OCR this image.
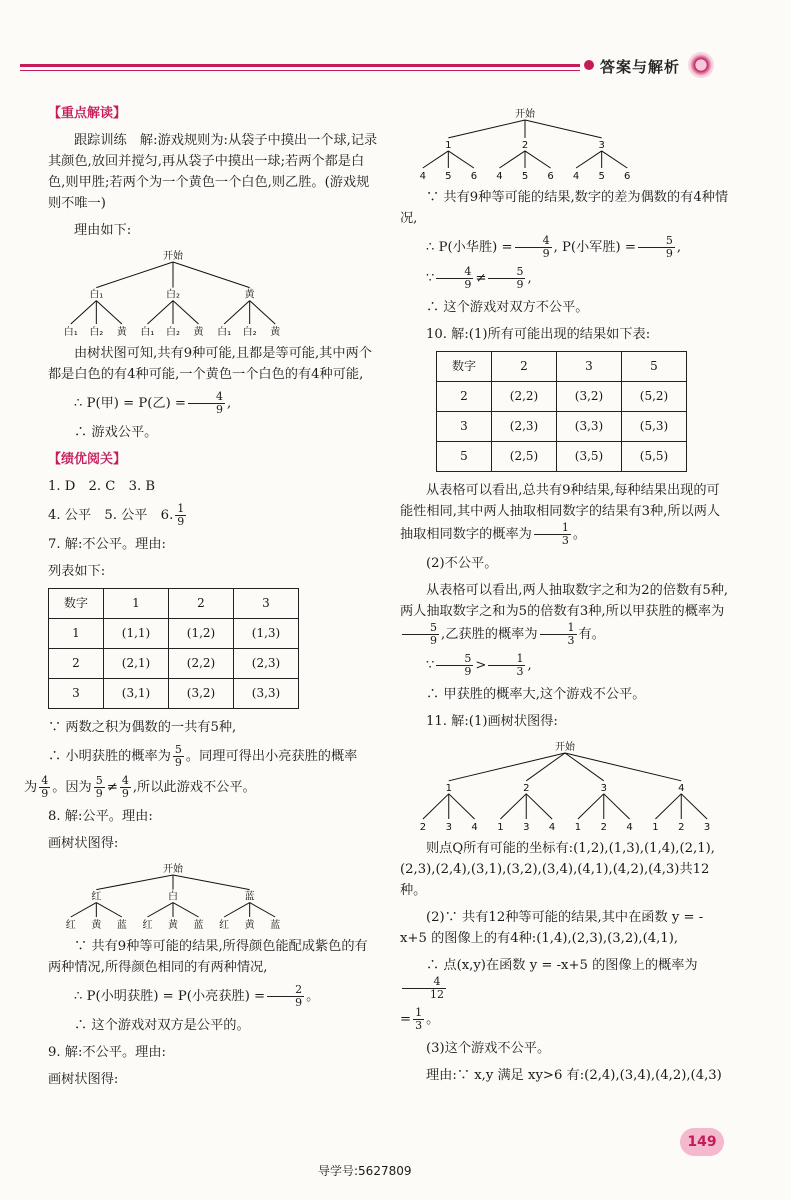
答案与解析

【重点解读】

跟踪训练　解:游戏规则为:从袋子中摸出一个球,记录其颜色,放回并搅匀,再从袋子中摸出一球;若两个都是白色,则甲胜;若两个为一个黄色一个白色,则乙胜。(游戏规则不唯一)

理由如下:

开始
白₁
白₁ 白₂ 黄
白₂
白₁ 白₂ 黄
黄
白₁ 白₂ 黄

由树状图可知,共有9种可能,且都是等可能,其中两个都是白色的有4种可能,一个黄色一个白色的有4种可能,

∴ P(甲) = P(乙) = $\frac{4}{9}$ ,

∴ 游戏公平。

【绩优阅关】

1. D　2. C　3. B

4. 公平　5. 公平　6. $\frac{1}{9}$

7. 解:不公平。理由:

列表如下:

数字	1	2	3
1	(1,1)	(1,2)	(1,3)
2	(2,1)	(2,2)	(2,3)
3	(3,1)	(3,2)	(3,3)

∵ 两数之积为偶数的一共有5种,

∴ 小明获胜的概率为 $\frac{5}{9}$ 。同理可得出小亮获胜的概率

为 $\frac{4}{9}$ 。因为 $\frac{5}{9} \ne \frac{4}{9}$ ,所以此游戏不公平。

8. 解:公平。理由:

画树状图得:

开始
红
红 黄 蓝
白
红 黄 蓝
蓝
红 黄 蓝

∵ 共有9种等可能的结果,所得颜色能配成紫色的有两种情况,所得颜色相同的有两种情况,

∴ P(小明获胜) = P(小亮获胜) = $\frac{2}{9}$ 。

∴ 这个游戏对双方是公平的。

9. 解:不公平。理由:

画树状图得:

开始
1
4 5 6
2
4 5 6
3
4 5 6

∵ 共有9种等可能的结果,数字的差为偶数的有4种情况,

∴ P(小华胜) = $\frac{4}{9}$ , P(小军胜) = $\frac{5}{9}$ ,

∵ $\frac{4}{9} \ne \frac{5}{9}$ ,

∴ 这个游戏对双方不公平。

10. 解:(1)所有可能出现的结果如下表:

数字	2	3	5
2	(2,2)	(3,2)	(5,2)
3	(2,3)	(3,3)	(5,3)
5	(2,5)	(3,5)	(5,5)

从表格可以看出,总共有9种结果,每种结果出现的可能性相同,其中两人抽取相同数字的结果有3种,所以两人抽取相同数字的概率为 $\frac{1}{3}$ 。

(2)不公平。

从表格可以看出,两人抽取数字之和为2的倍数有5种,两人抽取数字之和为5的倍数有3种,所以甲获胜的概率为
$\frac{5}{9}$ ,乙获胜的概率为 $\frac{1}{3}$ 有。

∵ $\frac{5}{9} > \frac{1}{3}$ ,

∴ 甲获胜的概率大,这个游戏不公平。

11. 解:(1)画树状图得:

开始
1
2 3 4
2
1 3 4
3
1 2 4
4
1 2 3

则点Q所有可能的坐标有:(1,2),(1,3),(1,4),(2,1),(2,3),(2,4),(3,1),(3,2),(3,4),(4,1),(4,2),(4,3)共12种。

(2)∵ 共有12种等可能的结果,其中在函数 y = -x+5 的图像上的有4种:(1,4),(2,3),(3,2),(4,1),

∴ 点(x,y)在函数 y = -x+5 的图像上的概率为
$\frac{4}{12}$

= $\frac{1}{3}$ 。

(3)这个游戏不公平。

理由:∵ x,y 满足 xy>6 有:(2,4),(3,4),(4,2),(4,3)

导学号:5627809
149
